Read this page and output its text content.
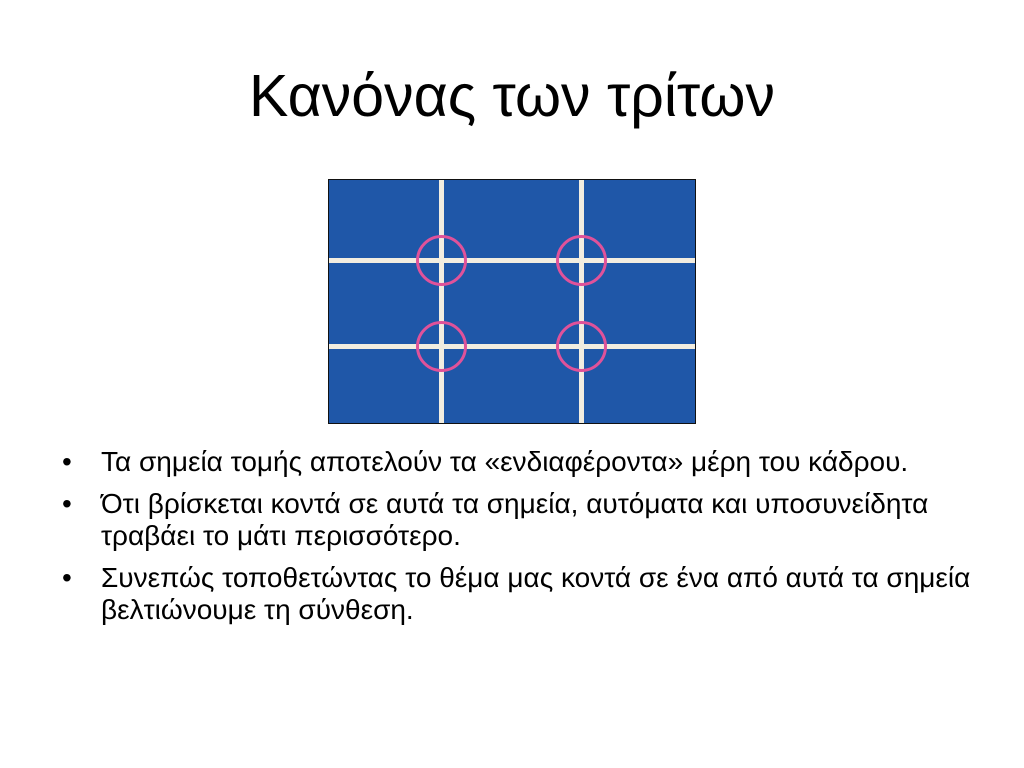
Κανόνας των τρίτων
•	Τα σημεία τομής αποτελούν τα «ενδιαφέροντα» μέρη του κάδρου.
•	Ότι βρίσκεται κοντά σε αυτά τα σημεία, αυτόματα και υποσυνείδητα τραβάει το μάτι περισσότερο.
•	Συνεπώς τοποθετώντας το θέμα μας κοντά σε ένα από αυτά τα σημεία βελτιώνουμε τη σύνθεση.
